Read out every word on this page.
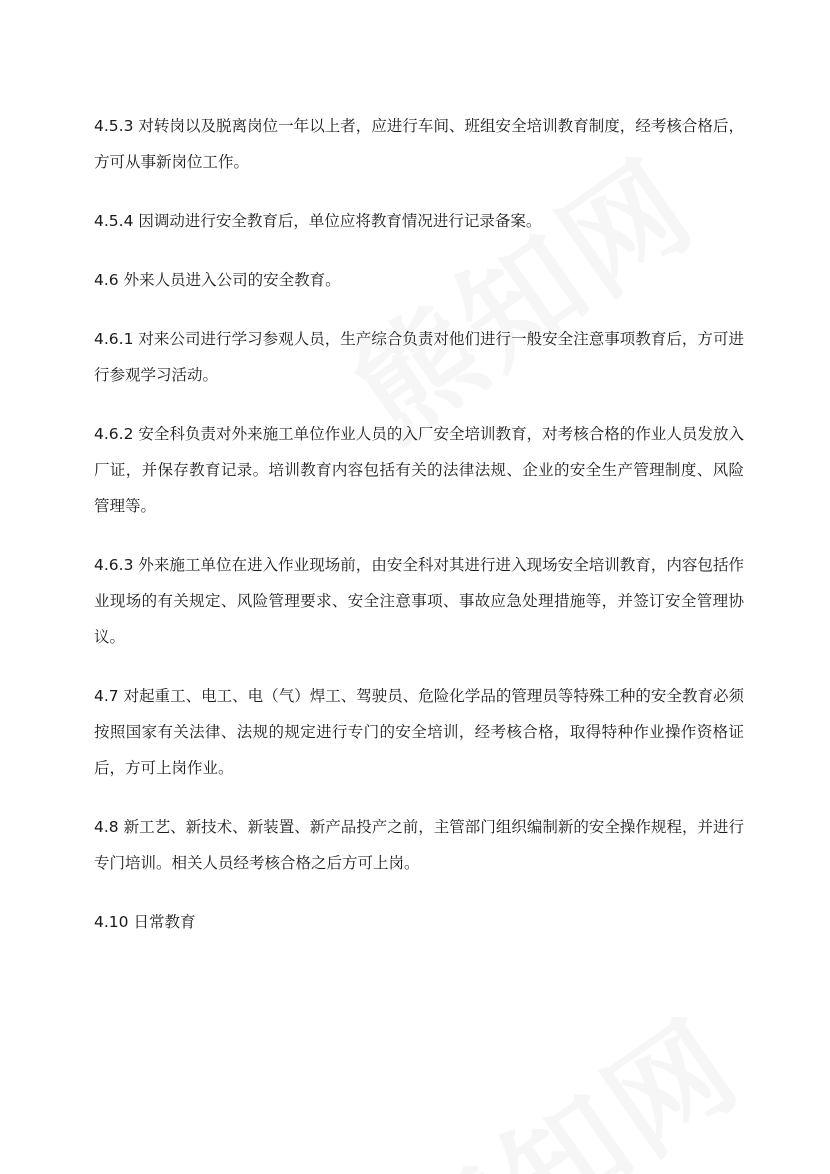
4.5.3 对转岗以及脱离岗位一年以上者，应进行车间、班组安全培训教育制度，经考核合格后，方可从事新岗位工作。

4.5.4 因调动进行安全教育后，单位应将教育情况进行记录备案。

4.6 外来人员进入公司的安全教育。

4.6.1 对来公司进行学习参观人员，生产综合负责对他们进行一般安全注意事项教育后，方可进行参观学习活动。

4.6.2 安全科负责对外来施工单位作业人员的入厂安全培训教育，对考核合格的作业人员发放入厂证，并保存教育记录。培训教育内容包括有关的法律法规、企业的安全生产管理制度、风险管理等。

4.6.3 外来施工单位在进入作业现场前，由安全科对其进行进入现场安全培训教育，内容包括作业现场的有关规定、风险管理要求、安全注意事项、事故应急处理措施等，并签订安全管理协议。

4.7 对起重工、电工、电（气）焊工、驾驶员、危险化学品的管理员等特殊工种的安全教育必须按照国家有关法律、法规的规定进行专门的安全培训，经考核合格，取得特种作业操作资格证后，方可上岗作业。

4.8 新工艺、新技术、新装置、新产品投产之前，主管部门组织编制新的安全操作规程，并进行专门培训。相关人员经考核合格之后方可上岗。

4.10 日常教育
